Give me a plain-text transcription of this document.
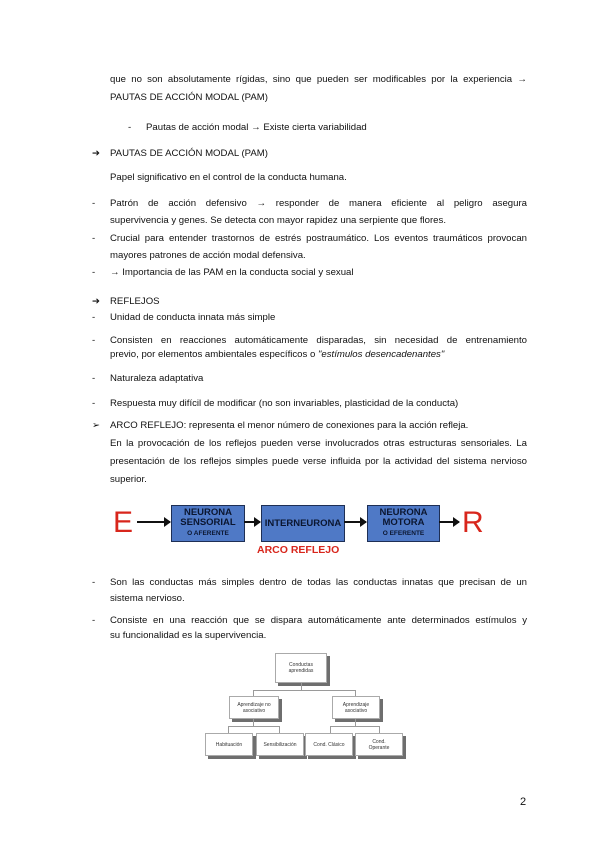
que no son absolutamente rígidas, sino que pueden ser modificables por la experiencia →
PAUTAS DE ACCIÓN MODAL (PAM)
- Pautas de acción modal → Existe cierta variabilidad
➔ PAUTAS DE ACCIÓN MODAL (PAM)
Papel significativo en el control de la conducta humana.
- Patrón de acción defensivo → responder de manera eficiente al peligro asegura
supervivencia y genes. Se detecta con mayor rapidez una serpiente que flores.
- Crucial para entender trastornos de estrés postraumático. Los eventos traumáticos provocan
mayores patrones de acción modal defensiva.
- → Importancia de las PAM en la conducta social y sexual
➔ REFLEJOS
- Unidad de conducta innata más simple
- Consisten en reacciones automáticamente disparadas, sin necesidad de entrenamiento
previo, por elementos ambientales específicos o "estímulos desencadenantes"
- Naturaleza adaptativa
- Respuesta muy difícil de modificar (no son invariables, plasticidad de la conducta)
➢ ARCO REFLEJO: representa el menor número de conexiones para la acción refleja.
En la provocación de los reflejos pueden verse involucrados otras estructuras sensoriales. La
presentación de los reflejos simples puede verse influida por la actividad del sistema nervioso
superior.
E	NEURONA
SENSORIAL
O AFERENTE
INTERNEURONA
NEURONA
MOTORA
O EFERENTE	R
ARCO REFLEJO
- Son las conductas más simples dentro de todas las conductas innatas que precisan de un
sistema nervioso.
- Consiste en una reacción que se dispara automáticamente ante determinados estímulos y
su funcionalidad es la supervivencia.
Conductas
aprendidas
Aprendizaje no
asociativo
Aprendizaje
asociativo
Habituación	Sensibilización	Cond. Clásico	Cond.
Operante
2
